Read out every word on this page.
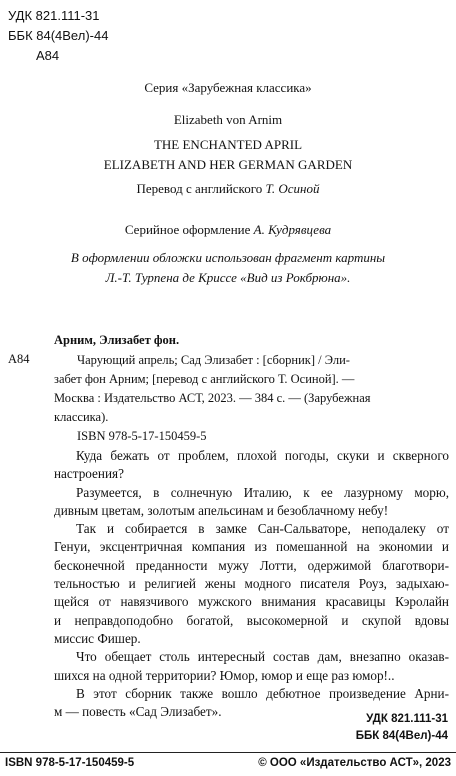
УДК 821.111-31
ББК 84(4Вел)-44
А84
Серия «Зарубежная классика»
Elizabeth von Arnim
THE ENCHANTED APRIL
ELIZABETH AND HER GERMAN GARDEN
Перевод с английского Т. Осиной
Серийное оформление А. Кудрявцева
В оформлении обложки использован фрагмент картины
Л.-Т. Турпена де Криссе «Вид из Рокбрюна».
А84
Арним, Элизабет фон.
Чарующий апрель; Сад Элизабет : [сборник] / Эли-
забет фон Арним; [перевод с английского Т. Осиной]. —
Москва : Издательство АСТ, 2023. — 384 с. — (Зарубежная
классика).
ISBN 978-5-17-150459-5
Куда бежать от проблем, плохой погоды, скуки и скверного
настроения?
Разумеется, в солнечную Италию, к ее лазурному морю,
дивным цветам, золотым апельсинам и безоблачному небу!
Так и собирается в замке Сан-Сальваторе, неподалеку от
Генуи, эксцентричная компания из помешанной на экономии и
бесконечной преданности мужу Лотти, одержимой благотвори-
тельностью и религией жены модного писателя Роуз, задыхаю-
щейся от навязчивого мужского внимания красавицы Кэролайн
и неправдоподобно богатой, высокомерной и скупой вдовы
миссис Фишер.
Что обещает столь интересный состав дам, внезапно оказав-
шихся на одной территории? Юмор, юмор и еще раз юмор!..
В этот сборник также вошло дебютное произведение Арни-
м — повесть «Сад Элизабет».	УДК 821.111-31
ББК 84(4Вел)-44
ISBN 978-5-17-150459-5	© ООО «Издательство АСТ», 2023
